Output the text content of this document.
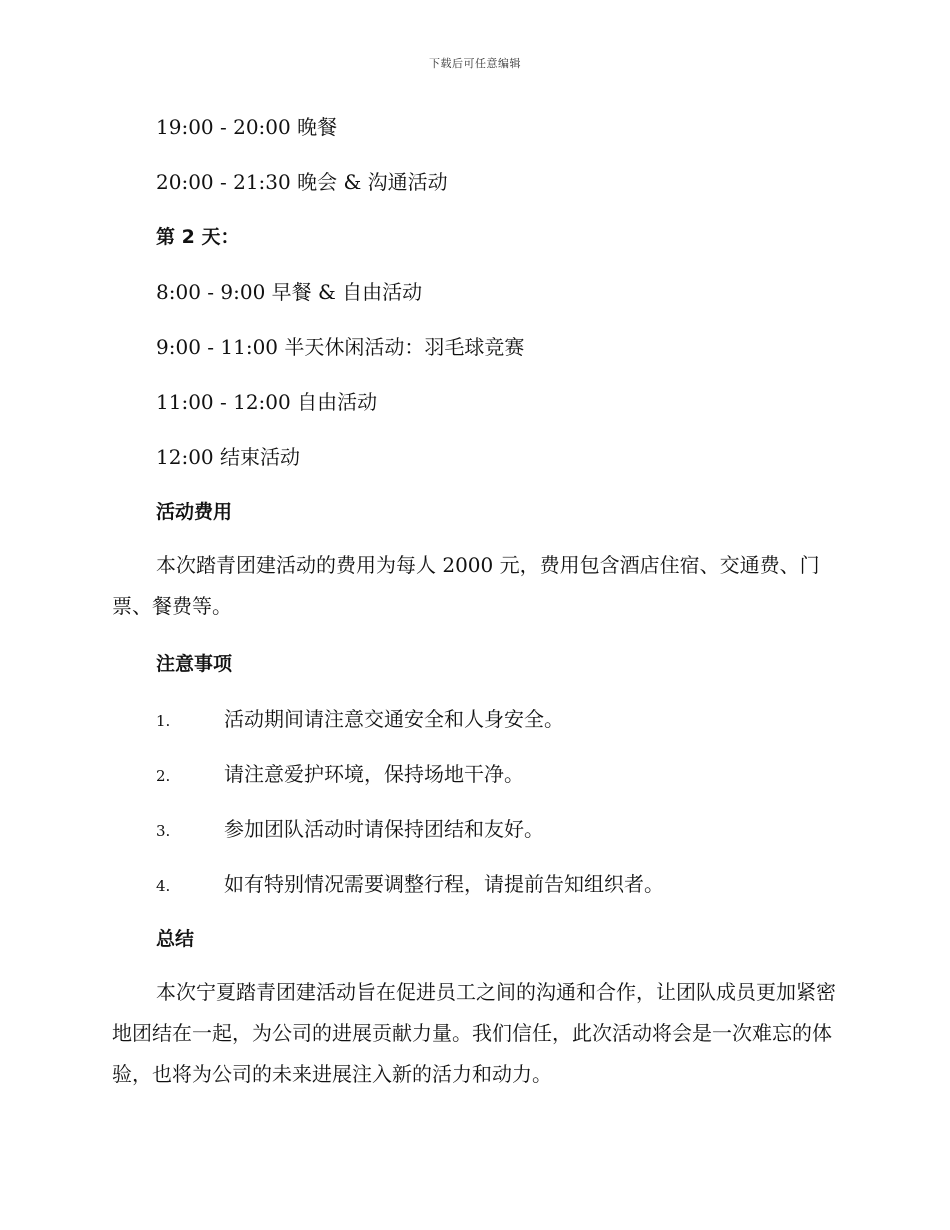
下载后可任意编辑
19:00 - 20:00 晚餐
20:00 - 21:30 晚会 & 沟通活动
第 2 天：
8:00 - 9:00 早餐 & 自由活动
9:00 - 11:00 半天休闲活动：羽毛球竞赛
11:00 - 12:00 自由活动
12:00 结束活动
活动费用
本次踏青团建活动的费用为每人 2000 元，费用包含酒店住宿、交通费、门票、餐费等。
注意事项
1.	活动期间请注意交通安全和人身安全。
2.	请注意爱护环境，保持场地干净。
3.	参加团队活动时请保持团结和友好。
4.	如有特别情况需要调整行程，请提前告知组织者。
总结
本次宁夏踏青团建活动旨在促进员工之间的沟通和合作，让团队成员更加紧密地团结在一起，为公司的进展贡献力量。我们信任，此次活动将会是一次难忘的体验，也将为公司的未来进展注入新的活力和动力。
